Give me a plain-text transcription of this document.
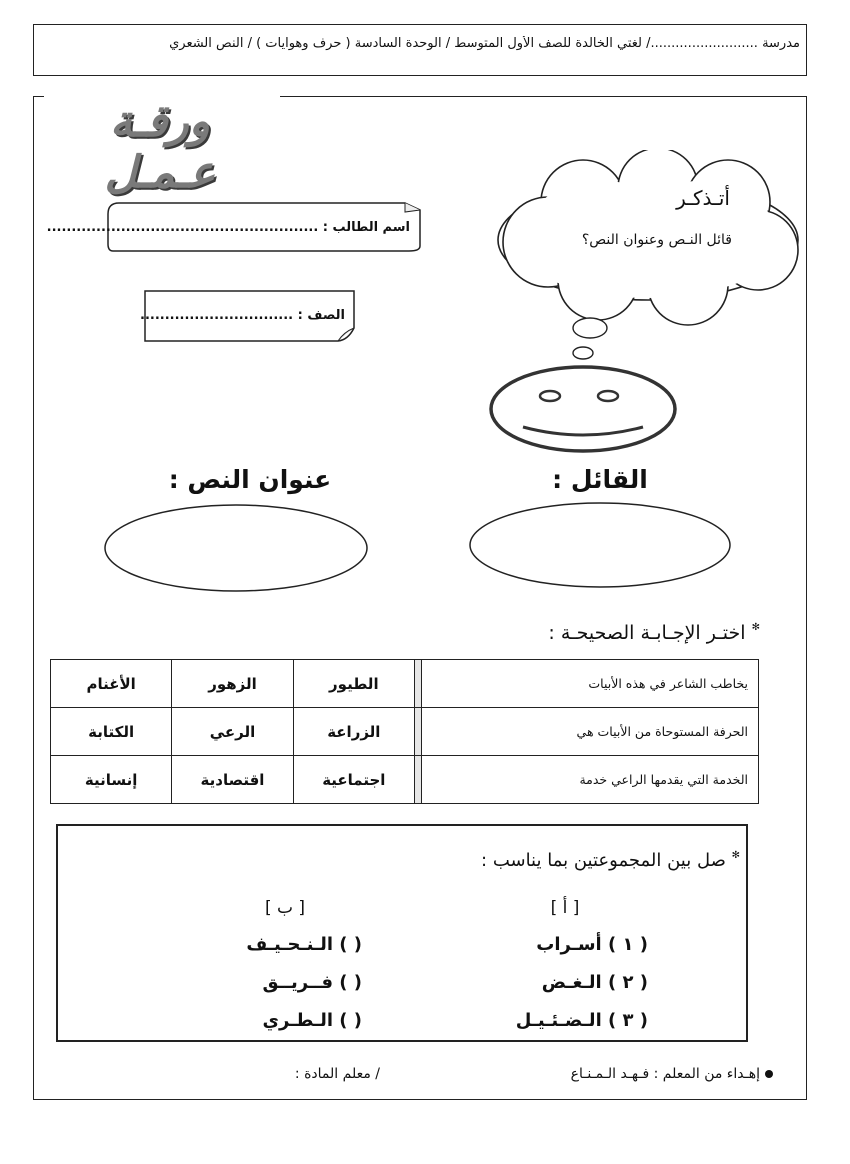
مدرسة ........................../ لغتي الخالدة للصف الأول المتوسط / الوحدة السادسة ( حرف وهوايات ) / النص الشعري
ورقـة عـمـل
اسم الطالب : .......................................................
الصف : ...............................
أتـذكـر
قائل النـص وعنوان النص؟
القائل :
عنوان النص :
✻ اختـر الإجـابـة الصحيحـة :
الأغنام	الزهور	الطيور		يخاطب الشاعر في هذه الأبيات
الكتابة	الرعي	الزراعة		الحرفة المستوحاة من الأبيات هي
إنسانية	اقتصادية	اجتماعية		الخدمة التي يقدمها الراعي خدمة
✻ صل بين المجموعتين بما يناسب :
[ أ ]
[ ب ]
( ١ ) أسـراب
( ٢ ) الـغـض
( ٣ ) الـضـئـيـل
( ) الـنـحـيـف
( ) فــريــق
( ) الـطـري
إهـداء من المعلم : فـهـد الـمـنـاع
/ معلم المادة :
